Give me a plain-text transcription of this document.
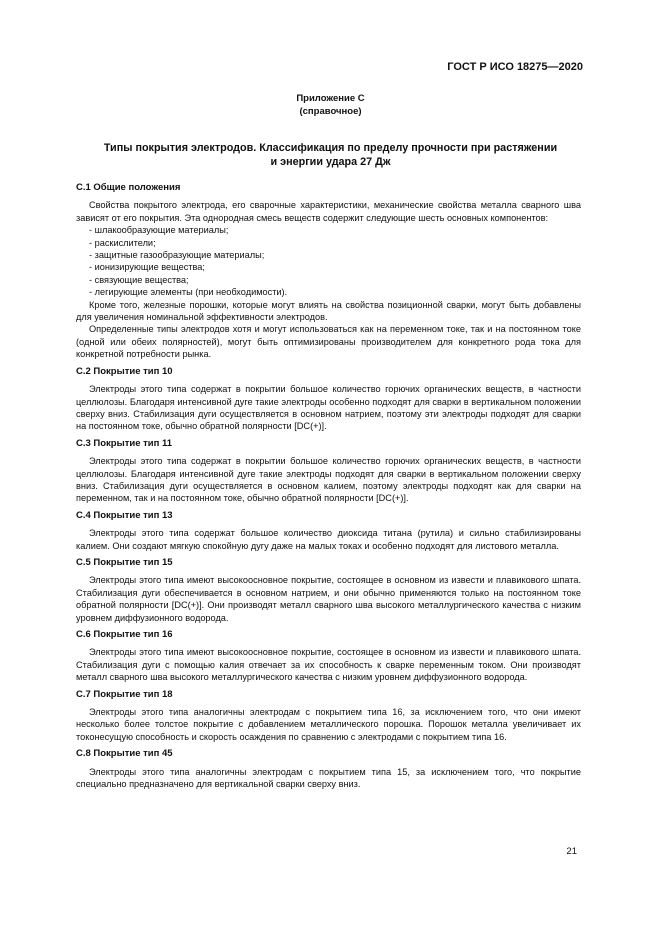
ГОСТ Р ИСО 18275—2020
Приложение С
(справочное)
Типы покрытия электродов. Классификация по пределу прочности при растяжении
и энергии удара 27 Дж
С.1 Общие положения

Свойства покрытого электрода, его сварочные характеристики, механические свойства металла сварного шва зависят от его покрытия. Эта однородная смесь веществ содержит следующие шесть основных компонентов:

- шлакообразующие материалы;
- раскислители;
- защитные газообразующие материалы;
- ионизирующие вещества;
- связующие вещества;
- легирующие элементы (при необходимости).

Кроме того, железные порошки, которые могут влиять на свойства позиционной сварки, могут быть добавлены для увеличения номинальной эффективности электродов.

Определенные типы электродов хотя и могут использоваться как на переменном токе, так и на постоянном токе (одной или обеих полярностей), могут быть оптимизированы производителем для конкретного рода тока для конкретной потребности рынка.

С.2 Покрытие тип 10

Электроды этого типа содержат в покрытии большое количество горючих органических веществ, в частности целлюлозы. Благодаря интенсивной дуге такие электроды особенно подходят для сварки в вертикальном положении сверху вниз. Стабилизация дуги осуществляется в основном натрием, поэтому эти электроды подходят для сварки на постоянном токе, обычно обратной полярности [DC(+)].

С.3 Покрытие тип 11

Электроды этого типа содержат в покрытии большое количество горючих органических веществ, в частности целлюлозы. Благодаря интенсивной дуге такие электроды подходят для сварки в вертикальном положении сверху вниз. Стабилизация дуги осуществляется в основном калием, поэтому электроды подходят как для сварки на переменном, так и на постоянном токе, обычно обратной полярности [DC(+)].

С.4 Покрытие тип 13

Электроды этого типа содержат большое количество диоксида титана (рутила) и сильно стабилизированы калием. Они создают мягкую спокойную дугу даже на малых токах и особенно подходят для листового металла.

С.5 Покрытие тип 15

Электроды этого типа имеют высокоосновное покрытие, состоящее в основном из извести и плавикового шпата. Стабилизация дуги обеспечивается в основном натрием, и они обычно применяются только на постоянном токе обратной полярности [DC(+)]. Они производят металл сварного шва высокого металлургического качества с низким уровнем диффузионного водорода.

С.6 Покрытие тип 16

Электроды этого типа имеют высокоосновное покрытие, состоящее в основном из извести и плавикового шпата. Стабилизация дуги с помощью калия отвечает за их способность к сварке переменным током. Они производят металл сварного шва высокого металлургического качества с низким уровнем диффузионного водорода.

С.7 Покрытие тип 18

Электроды этого типа аналогичны электродам с покрытием типа 16, за исключением того, что они имеют несколько более толстое покрытие с добавлением металлического порошка. Порошок металла увеличивает их токонесущую способность и скорость осаждения по сравнению с электродами с покрытием типа 16.

С.8 Покрытие тип 45

Электроды этого типа аналогичны электродам с покрытием типа 15, за исключением того, что покрытие специально предназначено для вертикальной сварки сверху вниз.

21
